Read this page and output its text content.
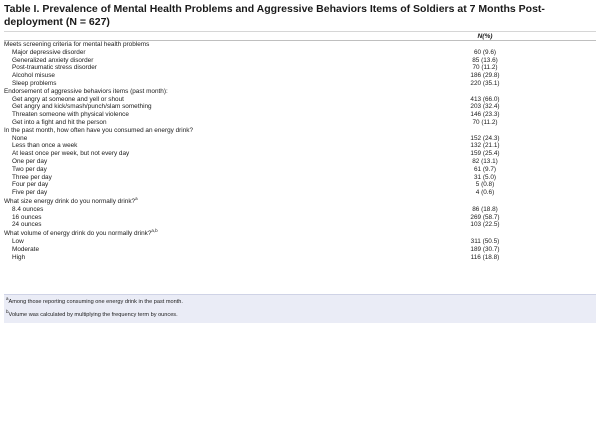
Table I. Prevalence of Mental Health Problems and Aggressive Behaviors Items of Soldiers at 7 Months Post-
deployment (N = 627)
	N(%)
Meets screening criteria for mental health problems	
Major depressive disorder	60 (9.6)
Generalized anxiety disorder	85 (13.6)
Post-traumatic stress disorder	70 (11.2)
Alcohol misuse	186 (29.8)
Sleep problems	220 (35.1)
Endorsement of aggressive behaviors items (past month):	
Get angry at someone and yell or shout	413 (66.0)
Get angry and kick/smash/punch/slam something	203 (32.4)
Threaten someone with physical violence	146 (23.3)
Get into a fight and hit the person	70 (11.2)
In the past month, how often have you consumed an energy drink?	
None	152 (24.3)
Less than once a week	132 (21.1)
At least once per week, but not every day	159 (25.4)
One per day	82 (13.1)
Two per day	61 (9.7)
Three per day	31 (5.0)
Four per day	5 (0.8)
Five per day	4 (0.6)
What size energy drink do you normally drink?$^a$	
8.4 ounces	86 (18.8)
16 ounces	269 (58.7)
24 ounces	103 (22.5)
What volume of energy drink do you normally drink?$^{a,b}$	
Low	311 (50.5)
Moderate	189 (30.7)
High	116 (18.8)

$^a$Among those reporting consuming one energy drink in the past month.

$^b$Volume was calculated by multiplying the frequency term by ounces.
